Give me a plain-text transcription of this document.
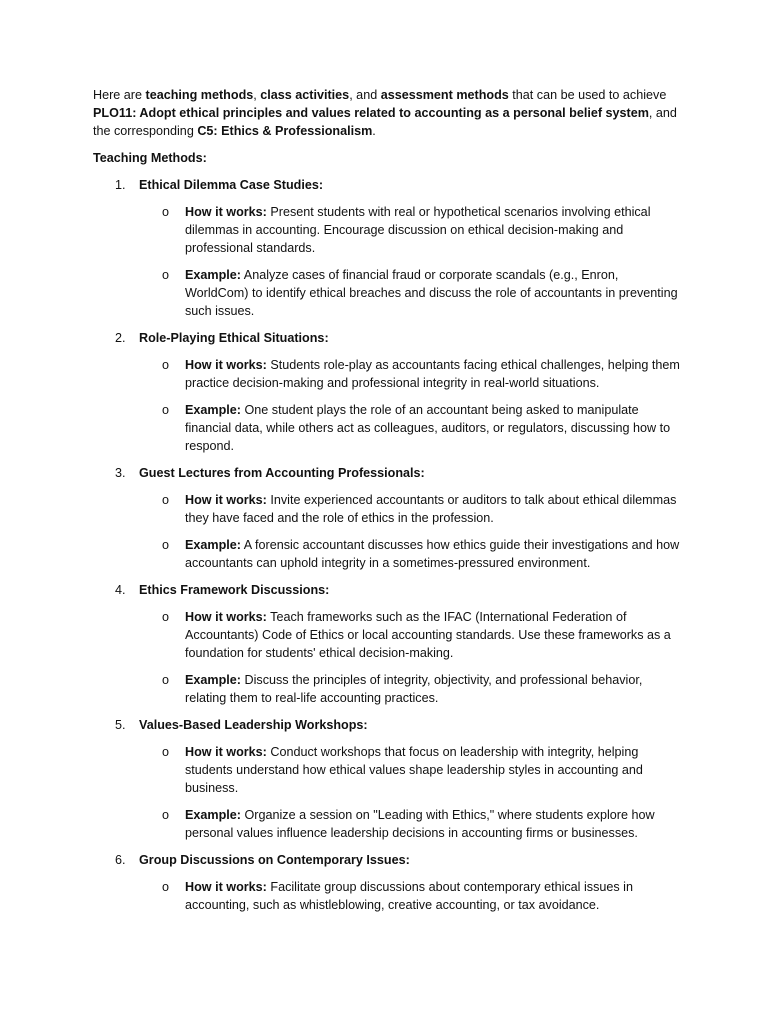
Here are teaching methods, class activities, and assessment methods that can be used to achieve PLO11: Adopt ethical principles and values related to accounting as a personal belief system, and the corresponding C5: Ethics & Professionalism.

Teaching Methods:

1. Ethical Dilemma Case Studies:
o How it works: Present students with real or hypothetical scenarios involving ethical dilemmas in accounting. Encourage discussion on ethical decision-making and professional standards.
o Example: Analyze cases of financial fraud or corporate scandals (e.g., Enron, WorldCom) to identify ethical breaches and discuss the role of accountants in preventing such issues.
2. Role-Playing Ethical Situations:
o How it works: Students role-play as accountants facing ethical challenges, helping them practice decision-making and professional integrity in real-world situations.
o Example: One student plays the role of an accountant being asked to manipulate financial data, while others act as colleagues, auditors, or regulators, discussing how to respond.
3. Guest Lectures from Accounting Professionals:
o How it works: Invite experienced accountants or auditors to talk about ethical dilemmas they have faced and the role of ethics in the profession.
o Example: A forensic accountant discusses how ethics guide their investigations and how accountants can uphold integrity in a sometimes-pressured environment.
4. Ethics Framework Discussions:
o How it works: Teach frameworks such as the IFAC (International Federation of Accountants) Code of Ethics or local accounting standards. Use these frameworks as a foundation for students' ethical decision-making.
o Example: Discuss the principles of integrity, objectivity, and professional behavior, relating them to real-life accounting practices.
5. Values-Based Leadership Workshops:
o How it works: Conduct workshops that focus on leadership with integrity, helping students understand how ethical values shape leadership styles in accounting and business.
o Example: Organize a session on "Leading with Ethics," where students explore how personal values influence leadership decisions in accounting firms or businesses.
6. Group Discussions on Contemporary Issues:
o How it works: Facilitate group discussions about contemporary ethical issues in accounting, such as whistleblowing, creative accounting, or tax avoidance.
